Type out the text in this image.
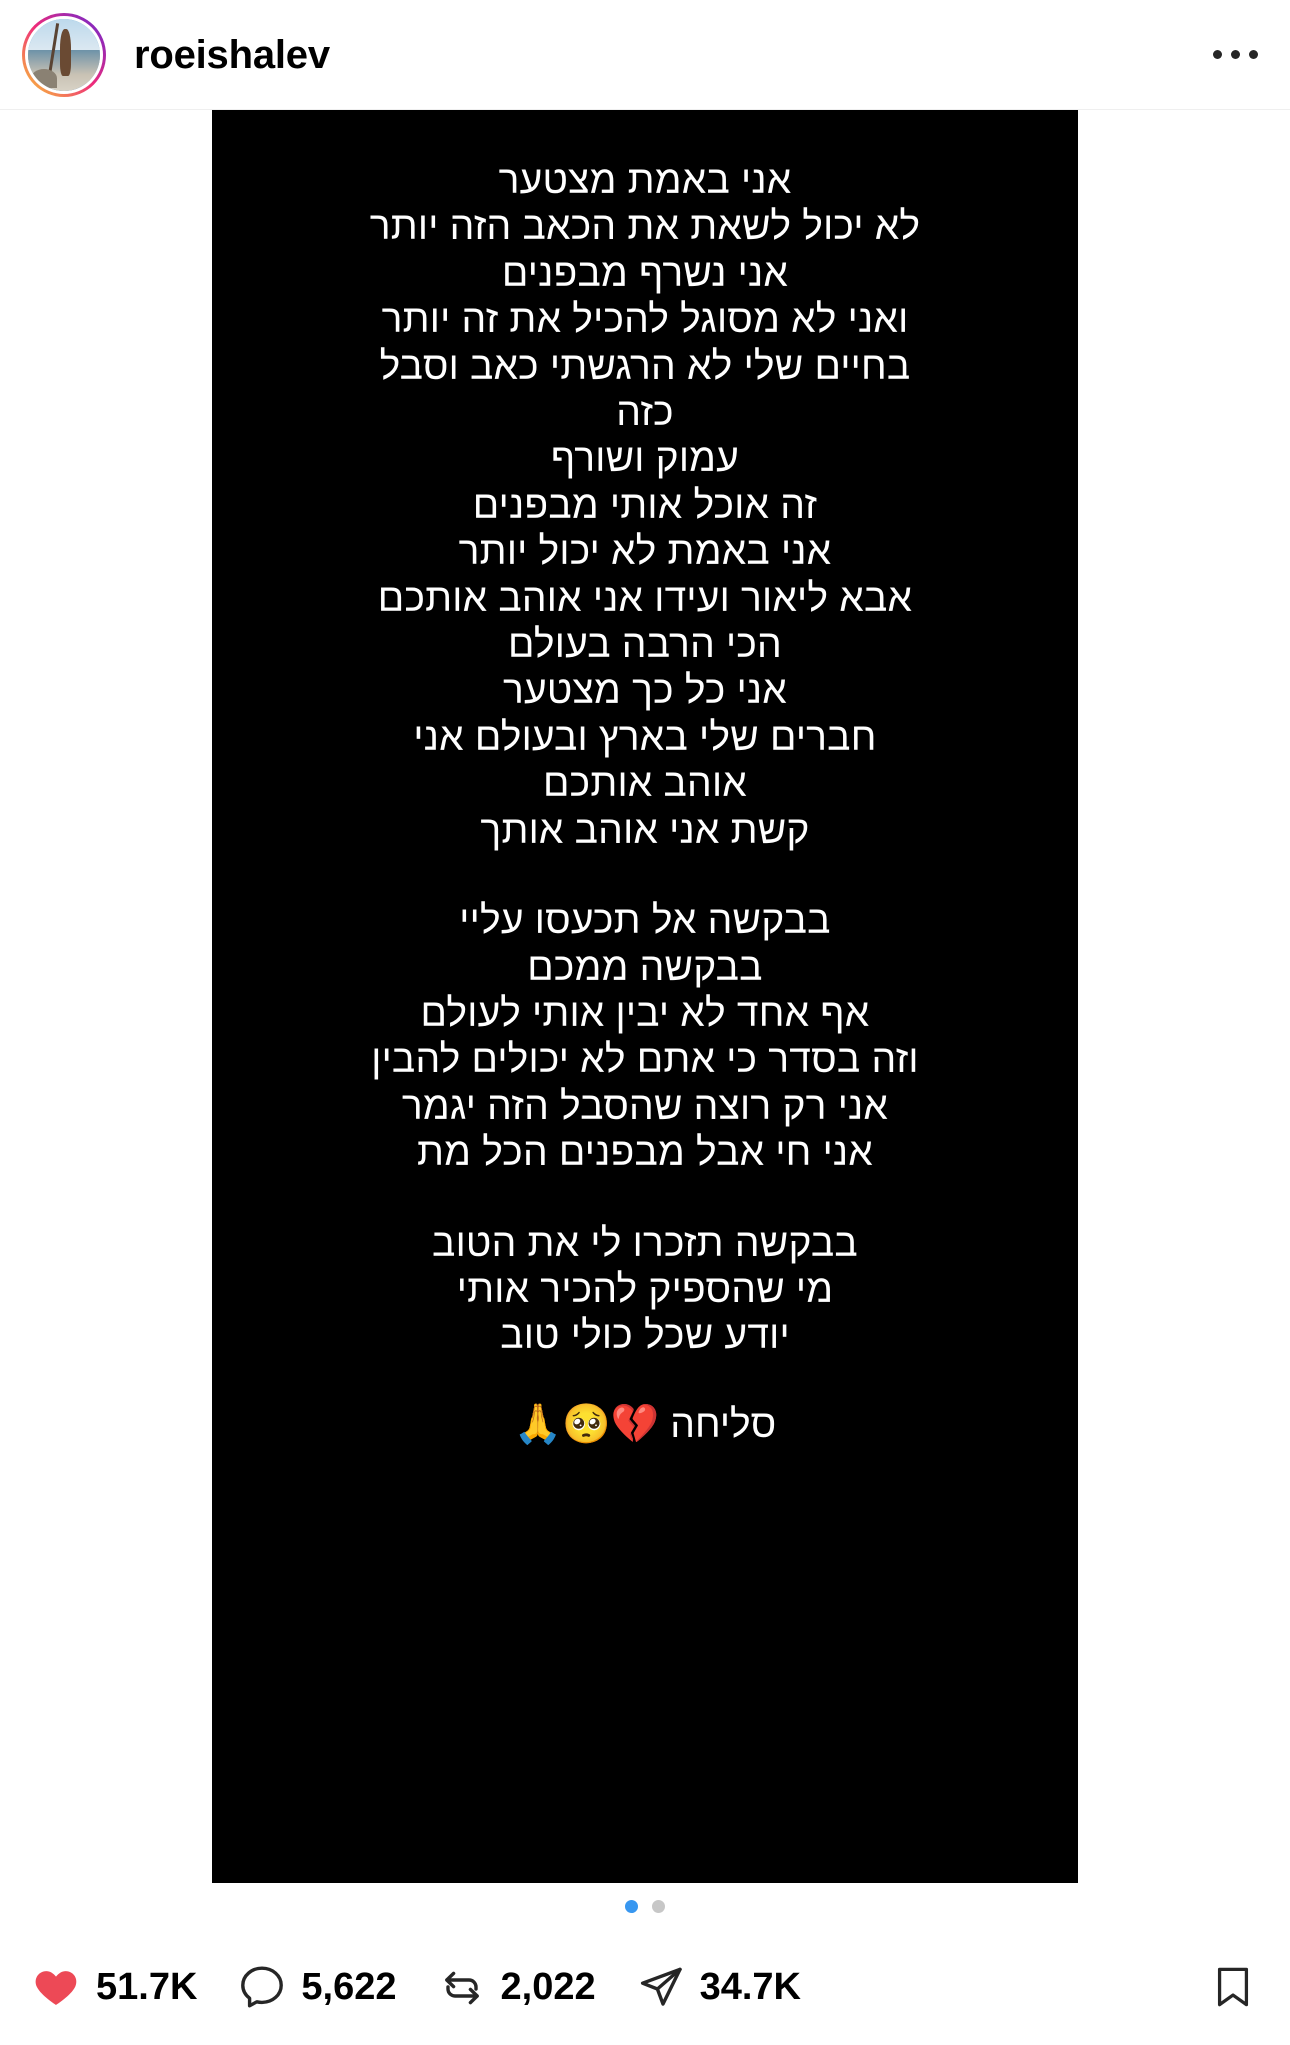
roeishalev
אני באמת מצטער
לא יכול לשאת את הכאב הזה יותר
אני נשרף מבפנים
ואני לא מסוגל להכיל את זה יותר
בחיים שלי לא הרגשתי כאב וסבל
כזה
עמוק ושורף
זה אוכל אותי מבפנים
אני באמת לא יכול יותר
אבא ליאור ועידו אני אוהב אותכם
הכי הרבה בעולם
אני כל כך מצטער
חברים שלי בארץ ובעולם אני
אוהב אותכם
קשת אני אוהב אותך
בבקשה אל תכעסו עליי
בבקשה ממכם
אף אחד לא יבין אותי לעולם
וזה בסדר כי אתם לא יכולים להבין
אני רק רוצה שהסבל הזה יגמר
אני חי אבל מבפנים הכל מת
בבקשה תזכרו לי את הטוב
מי שהספיק להכיר אותי
יודע שכל כולי טוב
סליחה 💔🥺🙏
51.7K	5,622	2,022	34.7K
